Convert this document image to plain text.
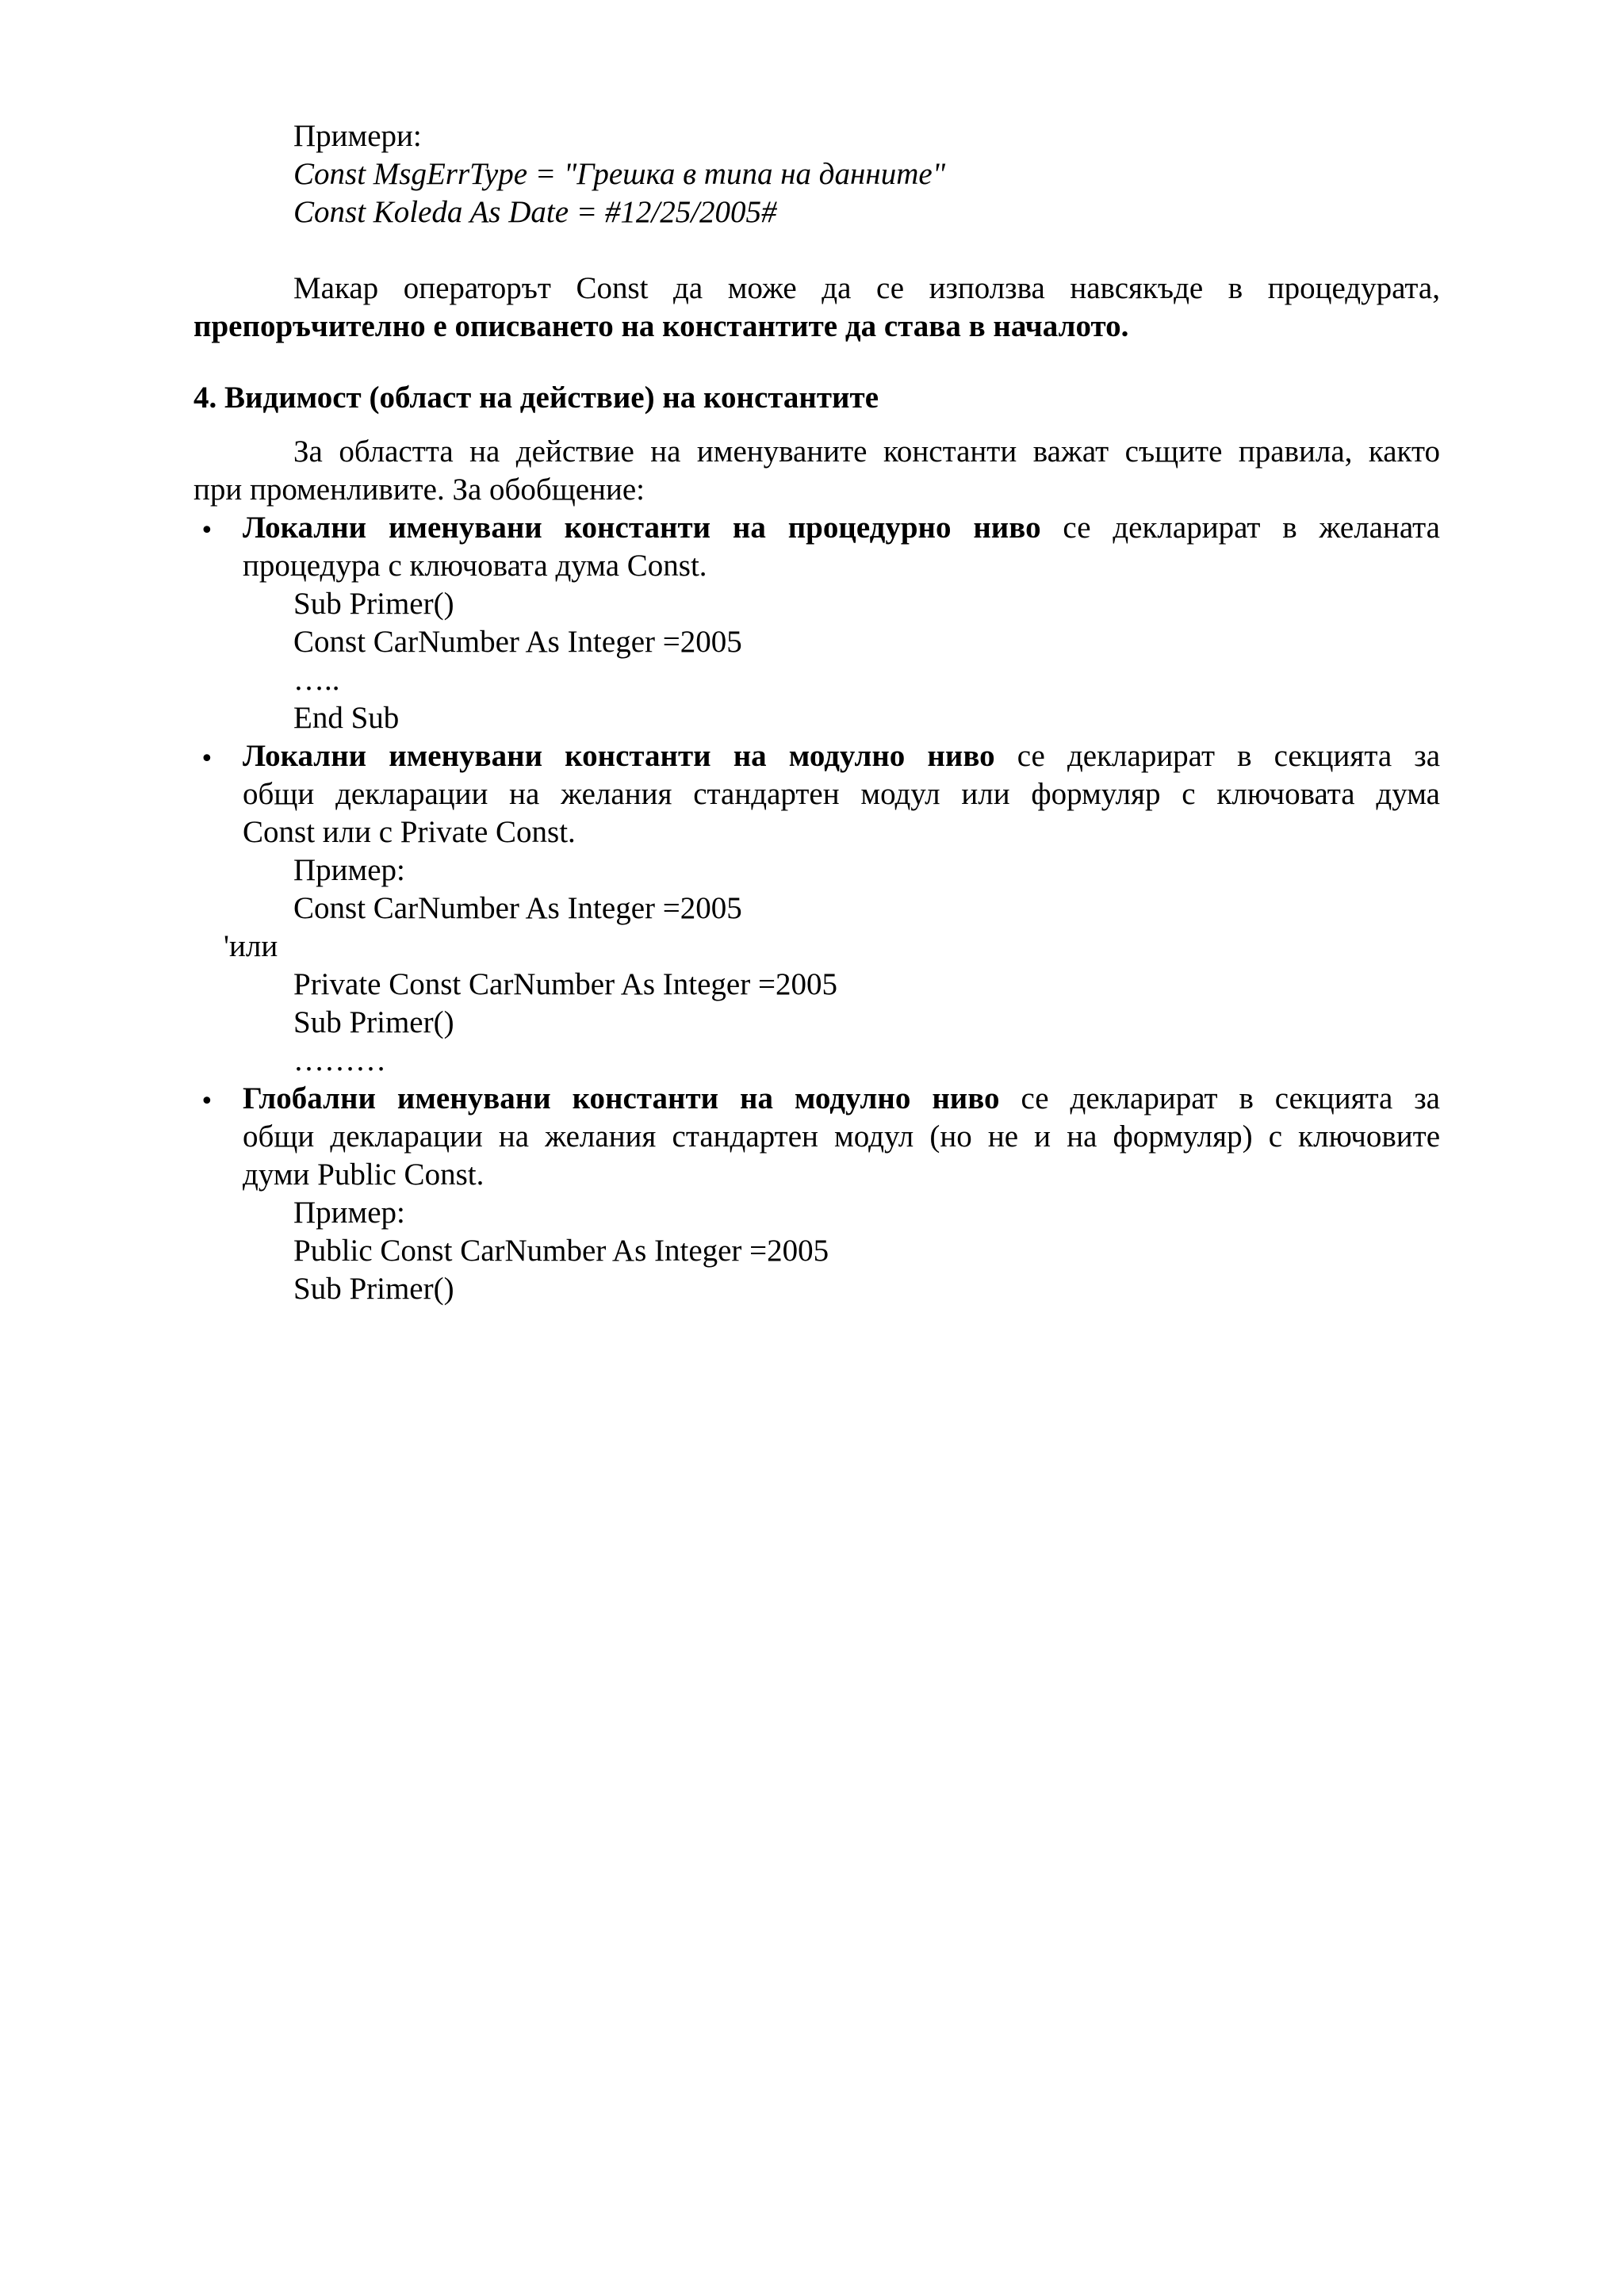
Примери:
Const MsgErrType = "Грешка в типа на данните"
Const Koleda As Date = #12/25/2005#
Макар операторът Const да може да се използва навсякъде в процедурата,
препоръчително е описването на константите да става в началото.
4. Видимост (област на действие) на константите
За областта на действие на именуваните константи важат същите правила, както
при променливите. За обобщение:
• Локални именувани константи на процедурно ниво се декларират в желаната
процедура с ключовата дума Const.
Sub Primer()
Const CarNumber As Integer =2005
…..
End Sub
• Локални именувани константи на модулно ниво се декларират в секцията за
общи декларации на желания стандартен модул или формуляр с ключовата дума
Const или с Private Const.
Пример:
Const CarNumber As Integer =2005
'или
Private Const CarNumber As Integer =2005
Sub Primer()
………
• Глобални именувани константи на модулно ниво се декларират в секцията за
общи декларации на желания стандартен модул (но не и на формуляр) с ключовите
думи Public Const.
Пример:
Public Const CarNumber As Integer =2005
Sub Primer()
